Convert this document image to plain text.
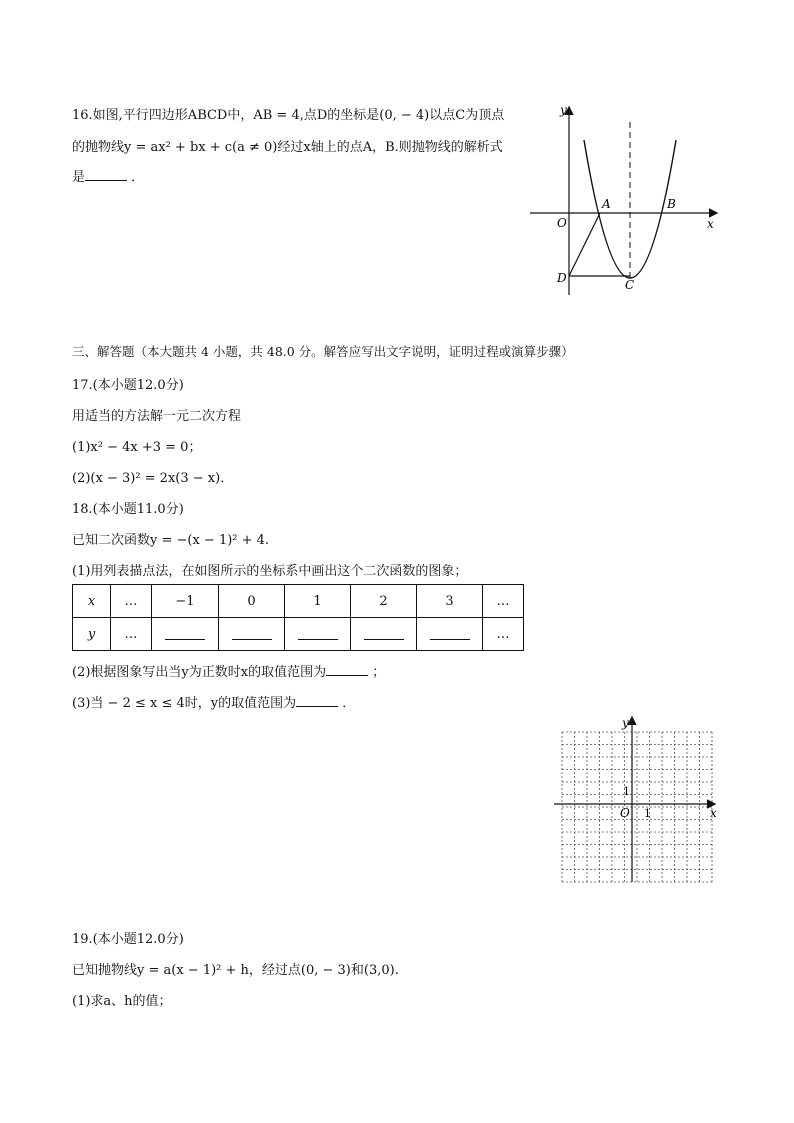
16.如图,平行四边形ABCD中，AB = 4,点D的坐标是(0, − 4)以点C为顶点
的抛物线y = ax² + bx + c(a ≠ 0)经过x轴上的点A，B.则抛物线的解析式
是	．
y
x
O
A	B
C
D
三、解答题（本大题共 4 小题，共 48.0 分。解答应写出文字说明，证明过程或演算步骤）
17.(本小题12.0分)
用适当的方法解一元二次方程
(1)x² − 4x +3 = 0；
(2)(x − 3)² = 2x(3 − x)．
18.(本小题11.0分)
已知二次函数y = −(x − 1)² + 4.
(1)用列表描点法，在如图所示的坐标系中画出这个二次函数的图象；
x	…	−1	0	1	2	3	…
y	…						…
(2)根据图象写出当y为正数时x的取值范围为	；
(3)当 − 2 ≤ x ≤ 4时，y的取值范围为	．
x
y
O 1
1
19.(本小题12.0分)
已知抛物线y = a(x − 1)² + h，经过点(0, − 3)和(3,0).
(1)求a、h的值；
